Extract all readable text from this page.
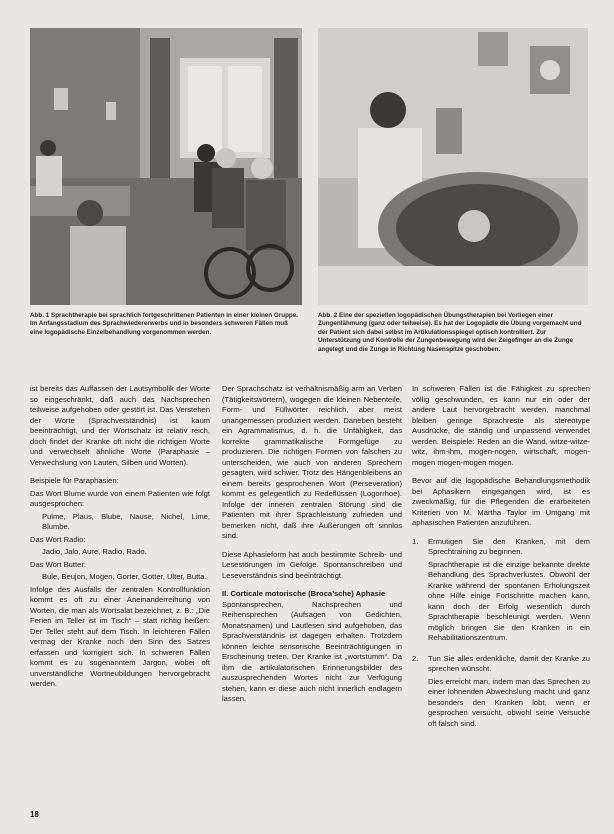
Abb. 1 Sprachtherapie bei sprachlich fortgeschrittenen Patienten in einer kleinen Gruppe. Im Anfangsstadium des Sprachwiedererwerbs und in besonders schweren Fällen muß eine logopädische Einzelbehandlung vorgenommen werden.
Abb. 2 Eine der speziellen logopädischen Übungstherapien bei Vorliegen einer Zungenlähmung (ganz oder teilweise). Es hat der Logopädie die Übung vorgemacht und der Patient sich dabei selbst im Artikulationsspiegel optisch kontrolliert. Zur Unterstützung und Kontrolle der Zungenbewegung wird der Zeigefinger an die Zunge angelegt und die Zunge in Richtung Nasenspitze geschoben.

ist bereits das Auffassen der Lautsymbolik der Worte so eingeschränkt, daß auch das Nachsprechen teilweise aufgehoben oder gestört ist. Das Verstehen der Worte (Sprachverständnis) ist kaum beeinträchtigt, und der Wortschatz ist relativ reich, doch findet der Kranke oft nicht die richtigen Worte und verwechselt ähnliche Worte (Paraphasie – Verwechslung von Lauten, Silben und Worten).

Beispiele für Paraphasien:

Das Wort Blume wurde von einem Patienten wie folgt ausgesprochen:

Pulme, Plaus, Blube, Nause, Nichel, Lime, Blumbe.

Das Wort Radio:

Jadio, Jalo, Aure, Radio, Rado.

Das Wort Butter:

Bule, Beujon, Mogen, Gorter, Gotter, Ulter, Butta.

Infolge des Ausfalls der zentralen Kontrollfunktion kommt es oft zu einer Aneinanderreihung von Worten, die man als Wortsalat bezeichnet, z. B.: „Die Ferien im Teller ist im Tisch“ – statt richtig heißen: Der Teller steht auf dem Tisch. In leichteren Fällen vermag der Kranke noch den Sinn des Satzes erfassen und korrigiert sich. In schweren Fällen kommt es zu sogenanntem Jargon, wobei oft unverständliche Wortneubildungen hervorgebracht werden.

Der Sprachschatz ist verhältnismäßig arm an Verben (Tätigkeitswörtern), wogegen die kleinen Nebenteile, Form- und Füllwörter reichlich, aber meist unangemessen produziert werden. Daneben besteht ein Agrammatismus, d. h. die Unfähigkeit, das korrekte grammatikalische Formgefüge zu produzieren. Die richtigen Formen von falschen zu unterscheiden, wie auch von anderen Sprechern gesagten, wird schwer. Trotz des Hängenbleibens an einem bereits gesprochenen Wort (Perseveration) kommt es gelegentlich zu Redeflüssen (Logorrhoe). Infolge der inneren zentralen Störung sind die Patienten mit ihrer Sprachleistung zufrieden und bemerken nicht, daß ihre Äußerungen oft sinnlos sind.

Diese Aphasieform hat auch bestimmte Schreib- und Lesestörungen im Gefolge. Spontanschreiben und Leseverständnis sind beeinträchtigt.

II. Corticale motorische (Broca’sche) Aphasie

Spontansprechen, Nachsprechen und Reihensprechen (Aufsagen von Gedichten, Monatsnamen) und Lautlesen sind aufgehoben, das Sprachverständnis ist dagegen erhalten. Trotzdem können leichte sensorische Beeinträchtigungen in Erscheinung treten. Der Kranke ist „wortstumm“. Da ihm die artikulatorischen Erinnerungsbilder des auszusprechenden Wortes nicht zur Verfügung stehen, kann er diese auch nicht innerlich endlagern lassen.

In schweren Fällen ist die Fähigkeit zu sprechen völlig geschwunden, es kann nur ein oder der andere Laut hervorgebracht werden, manchmal bleiben geringe Sprachreste als stereotype Ausdrücke, die ständig und unpassend verwendet werden. Beispiele: Reden an die Wand, witze-witze-witz, ihm-ihm, mogen-nogen, wirtschaft, mogen-mogen mogen-mogen mogen.

Bevor auf die logopädische Behandlungsmethodik bei Aphasikern eingegangen wird, ist es zweckmäßig, für die Pflegenden die erarbeiteten Kriterien von M. Martha Taylor im Umgang mit aphasischen Patienten anzuführen.

1.	Ermutigen Sie den Kranken, mit dem Sprechtraining zu beginnen.

Sprachtherapie ist die einzige bekannte direkte Behandlung des Sprachverlustes. Obwohl der Kranke während der spontanen Erholungszeit ohne Hilfe einige Fortschritte machen kann, kann doch der Erfolg wesentlich durch Sprachtherapie beschleunigt werden. Wenn möglich bringen Sie den Kranken in ein Rehabilitationszentrum.

2.	Tun Sie alles erdenkliche, damit der Kranke zu sprechen wünscht.

Dies erreicht man, indem man das Sprechen zu einer lohnenden Abwechslung macht und ganz besonders den Kranken lobt, wenn er gesprochen versucht, obwohl seine Versuche oft falsch sind.

18
